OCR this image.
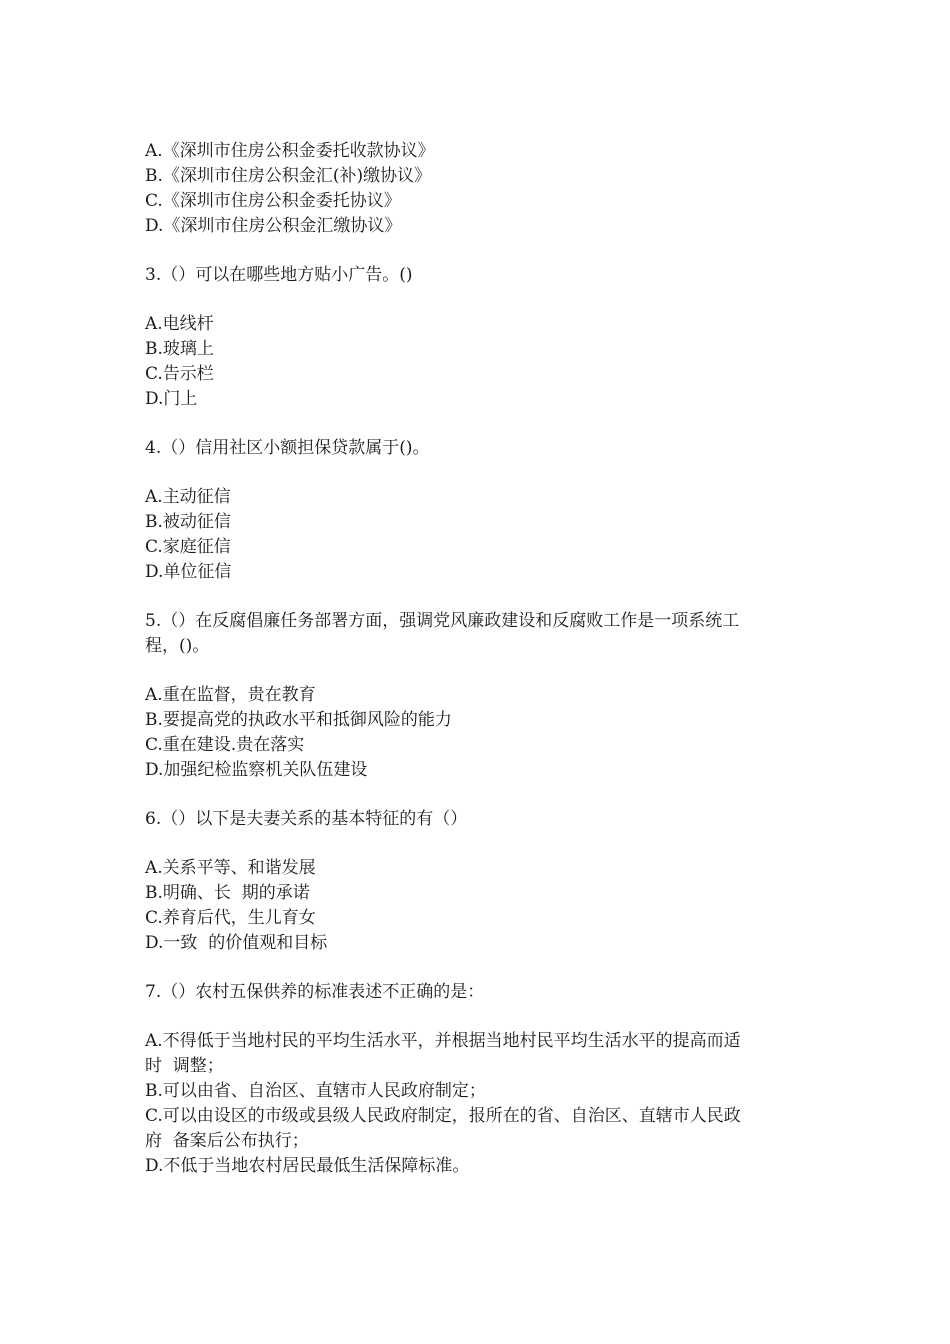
A.《深圳市住房公积金委托收款协议》

B.《深圳市住房公积金汇(补)缴协议》

C.《深圳市住房公积金委托协议》

D.《深圳市住房公积金汇缴协议》

3.（）可以在哪些地方贴小广告。()

A.电线杆

B.玻璃上

C.告示栏

D.门上

4.（）信用社区小额担保贷款属于()。

A.主动征信

B.被动征信

C.家庭征信

D.单位征信

5.（）在反腐倡廉任务部署方面，强调党风廉政建设和反腐败工作是一项系统工

程，()。

A.重在监督，贵在教育

B.要提高党的执政水平和抵御风险的能力

C.重在建设.贵在落实

D.加强纪检监察机关队伍建设

6.（）以下是夫妻关系的基本特征的有（）

A.关系平等、和谐发展

B.明确、长  期的承诺

C.养育后代，生儿育女

D.一致  的价值观和目标

7.（）农村五保供养的标准表述不正确的是：

A.不得低于当地村民的平均生活水平，并根据当地村民平均生活水平的提高而适

时  调整；

B.可以由省、自治区、直辖市人民政府制定；

C.可以由设区的市级或县级人民政府制定，报所在的省、自治区、直辖市人民政

府  备案后公布执行；

D.不低于当地农村居民最低生活保障标准。
